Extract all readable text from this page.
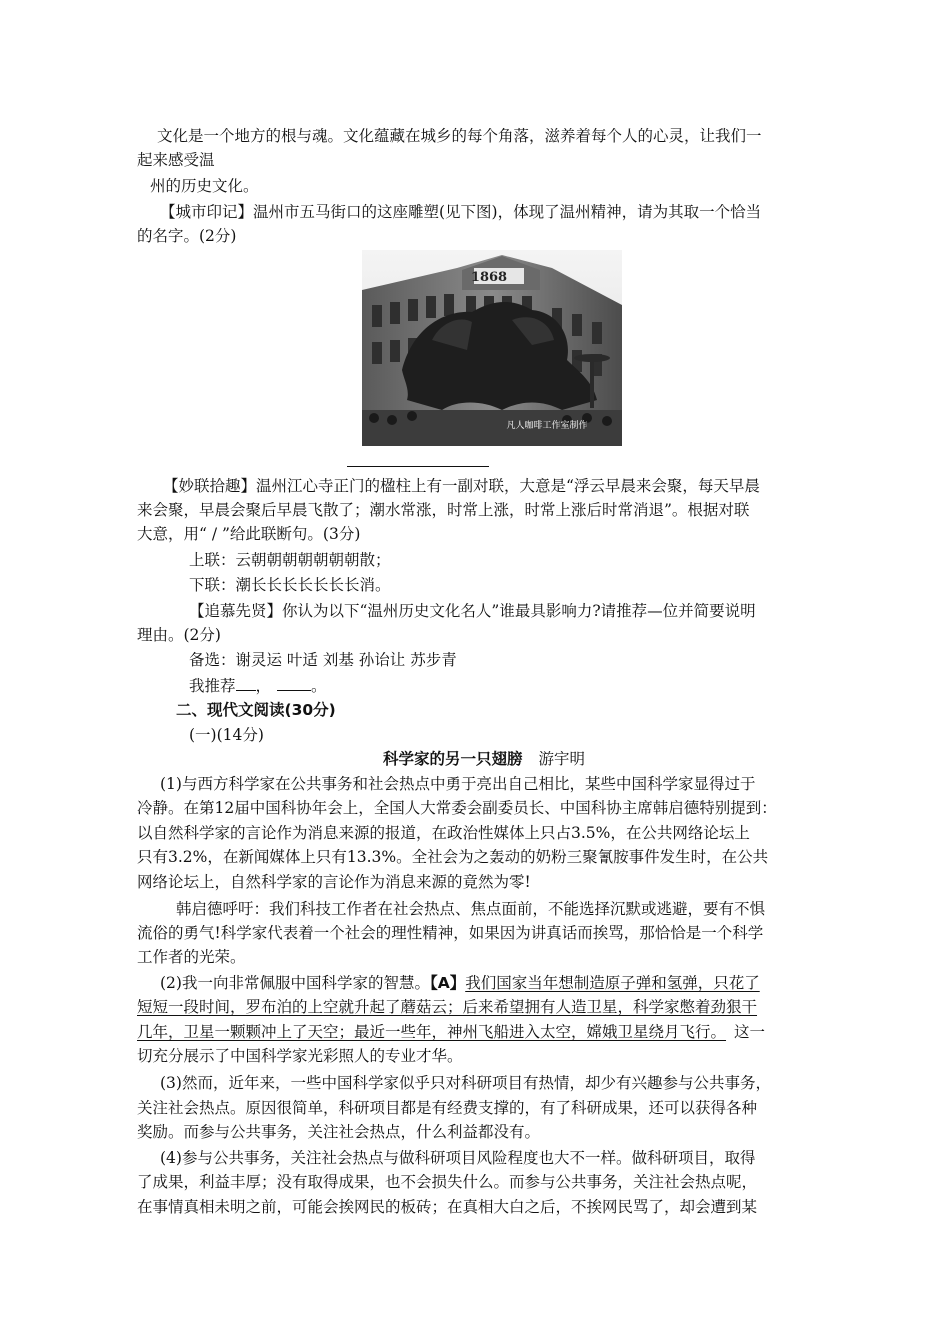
文化是一个地方的根与魂。文化蕴藏在城乡的每个角落，滋养着每个人的心灵，让我们一
起来感受温
州的历史文化。
【城市印记】温州市五马街口的这座雕塑(见下图)，体现了温州精神，请为其取一个恰当
的名字。(2分)
1868
凡人咖啡工作室制作
【妙联拾趣】温州江心寺正门的楹柱上有一副对联，大意是“浮云早晨来会聚，每天早晨
来会聚，早晨会聚后早晨飞散了；潮水常涨，时常上涨，时常上涨后时常消退”。根据对联
大意，用“ / ”给此联断句。(3分)
上联：云朝朝朝朝朝朝朝散；
下联：潮长长长长长长长消。
【追慕先贤】你认为以下“温州历史文化名人”谁最具影响力?请推荐—位并简要说明
理由。(2分)
备选：谢灵运 叶适 刘基 孙诒让 苏步青
我推荐 ，	。
二、现代文阅读(30分)
(一)(14分)
科学家的另一只翅膀 游宇明
(1)与西方科学家在公共事务和社会热点中勇于亮出自己相比，某些中国科学家显得过于
冷静。在第12届中国科协年会上，全国人大常委会副委员长、中国科协主席韩启德特别提到：
以自然科学家的言论作为消息来源的报道，在政治性媒体上只占3.5%，在公共网络论坛上
只有3.2%，在新闻媒体上只有13.3%。全社会为之轰动的奶粉三聚氰胺事件发生时，在公共
网络论坛上，自然科学家的言论作为消息来源的竟然为零!
韩启德呼吁：我们科技工作者在社会热点、焦点面前，不能选择沉默或逃避，要有不惧
流俗的勇气!科学家代表着一个社会的理性精神，如果因为讲真话而挨骂，那恰恰是一个科学
工作者的光荣。
(2)我一向非常佩服中国科学家的智慧。【A】我们国家当年想制造原子弹和氢弹，只花了
短短一段时间，罗布泊的上空就升起了蘑菇云；后来希望拥有人造卫星，科学家憋着劲狠干
几年，卫星一颗颗冲上了天空；最近一些年，神州飞船进入太空，嫦娥卫星绕月飞行。 这一
切充分展示了中国科学家光彩照人的专业才华。
(3)然而，近年来，一些中国科学家似乎只对科研项目有热情，却少有兴趣参与公共事务，
关注社会热点。原因很简单，科研项目都是有经费支撑的，有了科研成果，还可以获得各种
奖励。而参与公共事务，关注社会热点，什么利益都没有。
(4)参与公共事务，关注社会热点与做科研项目风险程度也大不一样。做科研项目，取得
了成果，利益丰厚；没有取得成果，也不会损失什么。而参与公共事务，关注社会热点呢，
在事情真相未明之前，可能会挨网民的板砖；在真相大白之后，不挨网民骂了，却会遭到某
